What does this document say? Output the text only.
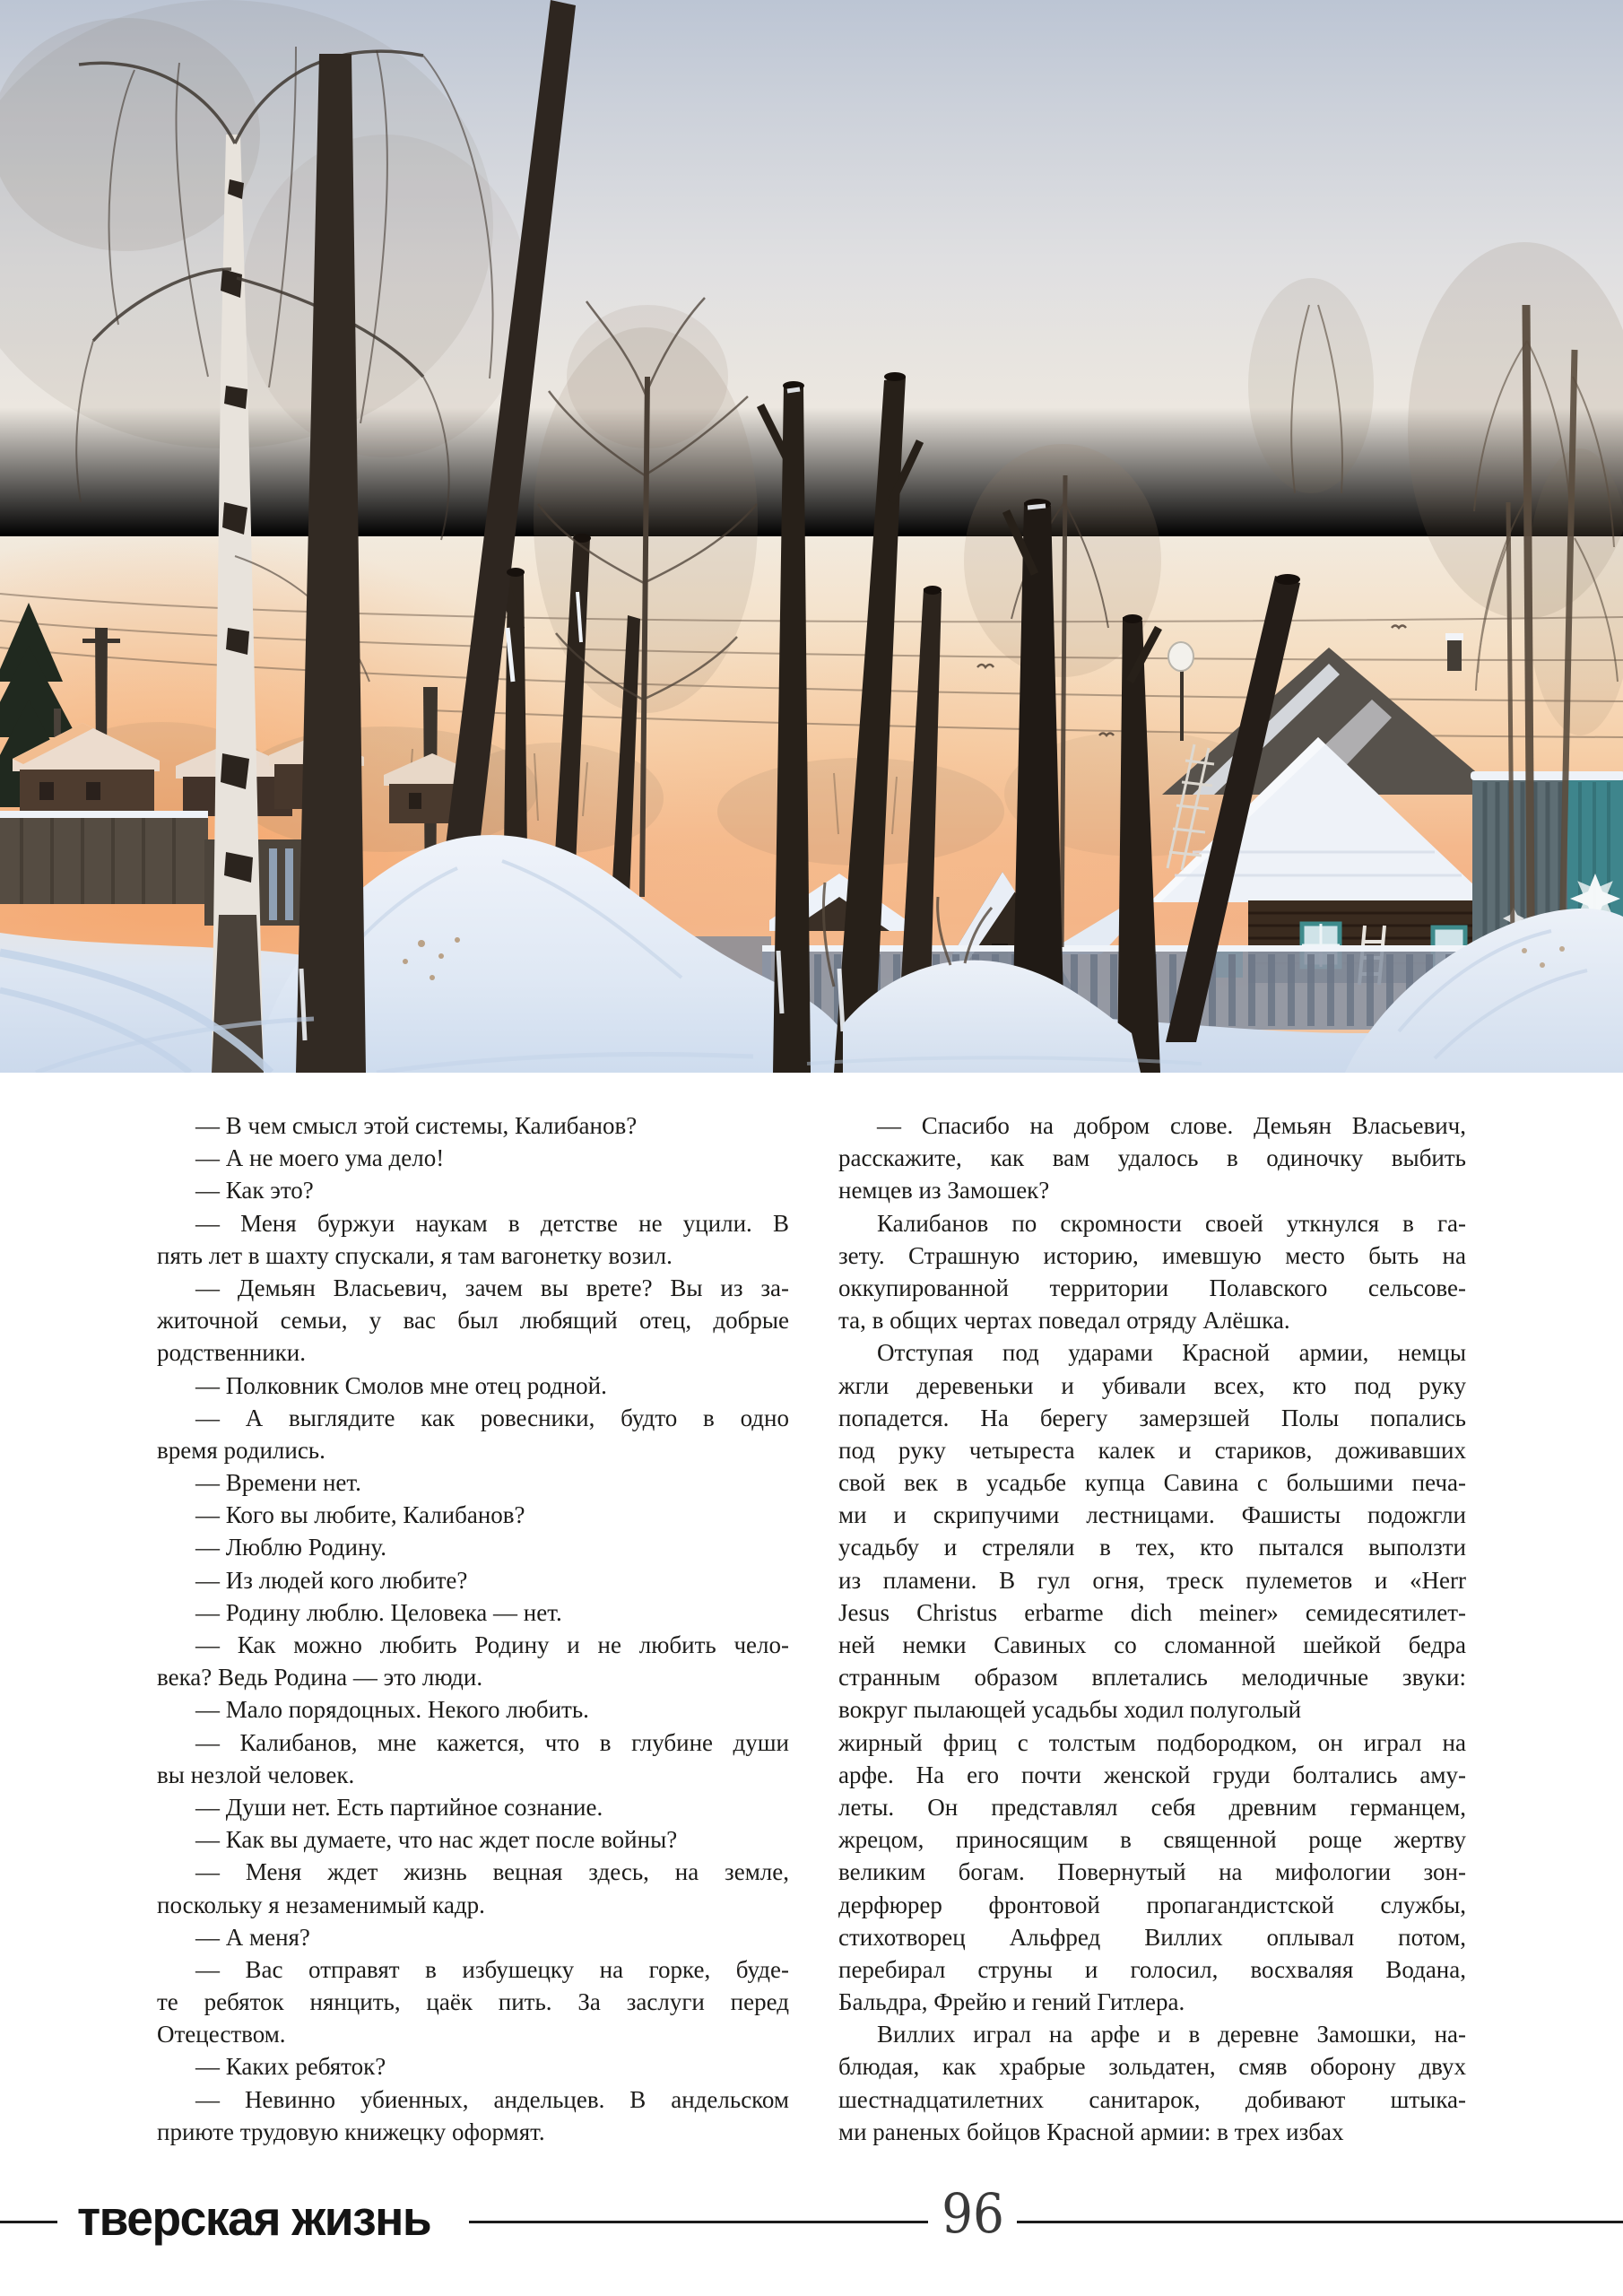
— В чем смысл этой системы, Калибанов?
— А не моего ума дело!
— Как это?
— Меня буржуи наукам в детстве не уцили. В
пять лет в шахту спускали, я там вагонетку возил.
— Демьян Власьевич, зачем вы врете? Вы из за-
житочной семьи, у вас был любящий отец, добрые
родственники.
— Полковник Смолов мне отец родной.
— А выглядите как ровесники, будто в одно
время родились.
— Времени нет.
— Кого вы любите, Калибанов?
— Люблю Родину.
— Из людей кого любите?
— Родину люблю. Целовека — нет.
— Как можно любить Родину и не любить чело-
века? Ведь Родина — это люди.
— Мало порядоцных. Некого любить.
— Калибанов, мне кажется, что в глубине души
вы незлой человек.
— Души нет. Есть партийное сознание.
— Как вы думаете, что нас ждет после войны?
— Меня ждет жизнь вецная здесь, на земле,
поскольку я незаменимый кадр.
— А меня?
— Вас отправят в избушецку на горке, буде-
те ребяток нянцить, цаёк пить. За заслуги перед
Отецеством.
— Каких ребяток?
— Невинно убиенных, андельцев. В андельском
приюте трудовую книжецку оформят.
— Спасибо на добром слове. Демьян Власьевич,
расскажите, как вам удалось в одиночку выбить
немцев из Замошек?
Калибанов по скромности своей уткнулся в га-
зету. Страшную историю, имевшую место быть на
оккупированной территории Полавского сельсове-
та, в общих чертах поведал отряду Алёшка.
Отступая под ударами Красной армии, немцы
жгли деревеньки и убивали всех, кто под руку
попадется. На берегу замерзшей Полы попались
под руку четыреста калек и стариков, доживавших
свой век в усадьбе купца Савина с большими печа-
ми и скрипучими лестницами. Фашисты подожгли
усадьбу и стреляли в тех, кто пытался выползти
из пламени. В гул огня, треск пулеметов и «Herr
Jesus Christus erbarme dich meiner» семидесятилет-
ней немки Савиных со сломанной шейкой бедра
странным образом вплетались мелодичные звуки:
вокруг пылающей усадьбы ходил полуголый
жирный фриц с толстым подбородком, он играл на
арфе. На его почти женской груди болтались аму-
леты. Он представлял себя древним германцем,
жрецом, приносящим в священной роще жертву
великим богам. Повернутый на мифологии зон-
дерфюрер фронтовой пропагандистской службы,
стихотворец Альфред Виллих оплывал потом,
перебирал струны и голосил, восхваляя Водана,
Бальдра, Фрейю и гений Гитлера.
Виллих играл на арфе и в деревне Замошки, на-
блюдая, как храбрые зольдатен, смяв оборону двух
шестнадцатилетних санитарок, добивают штыка-
ми раненых бойцов Красной армии: в трех избах
тверская жизнь	96
